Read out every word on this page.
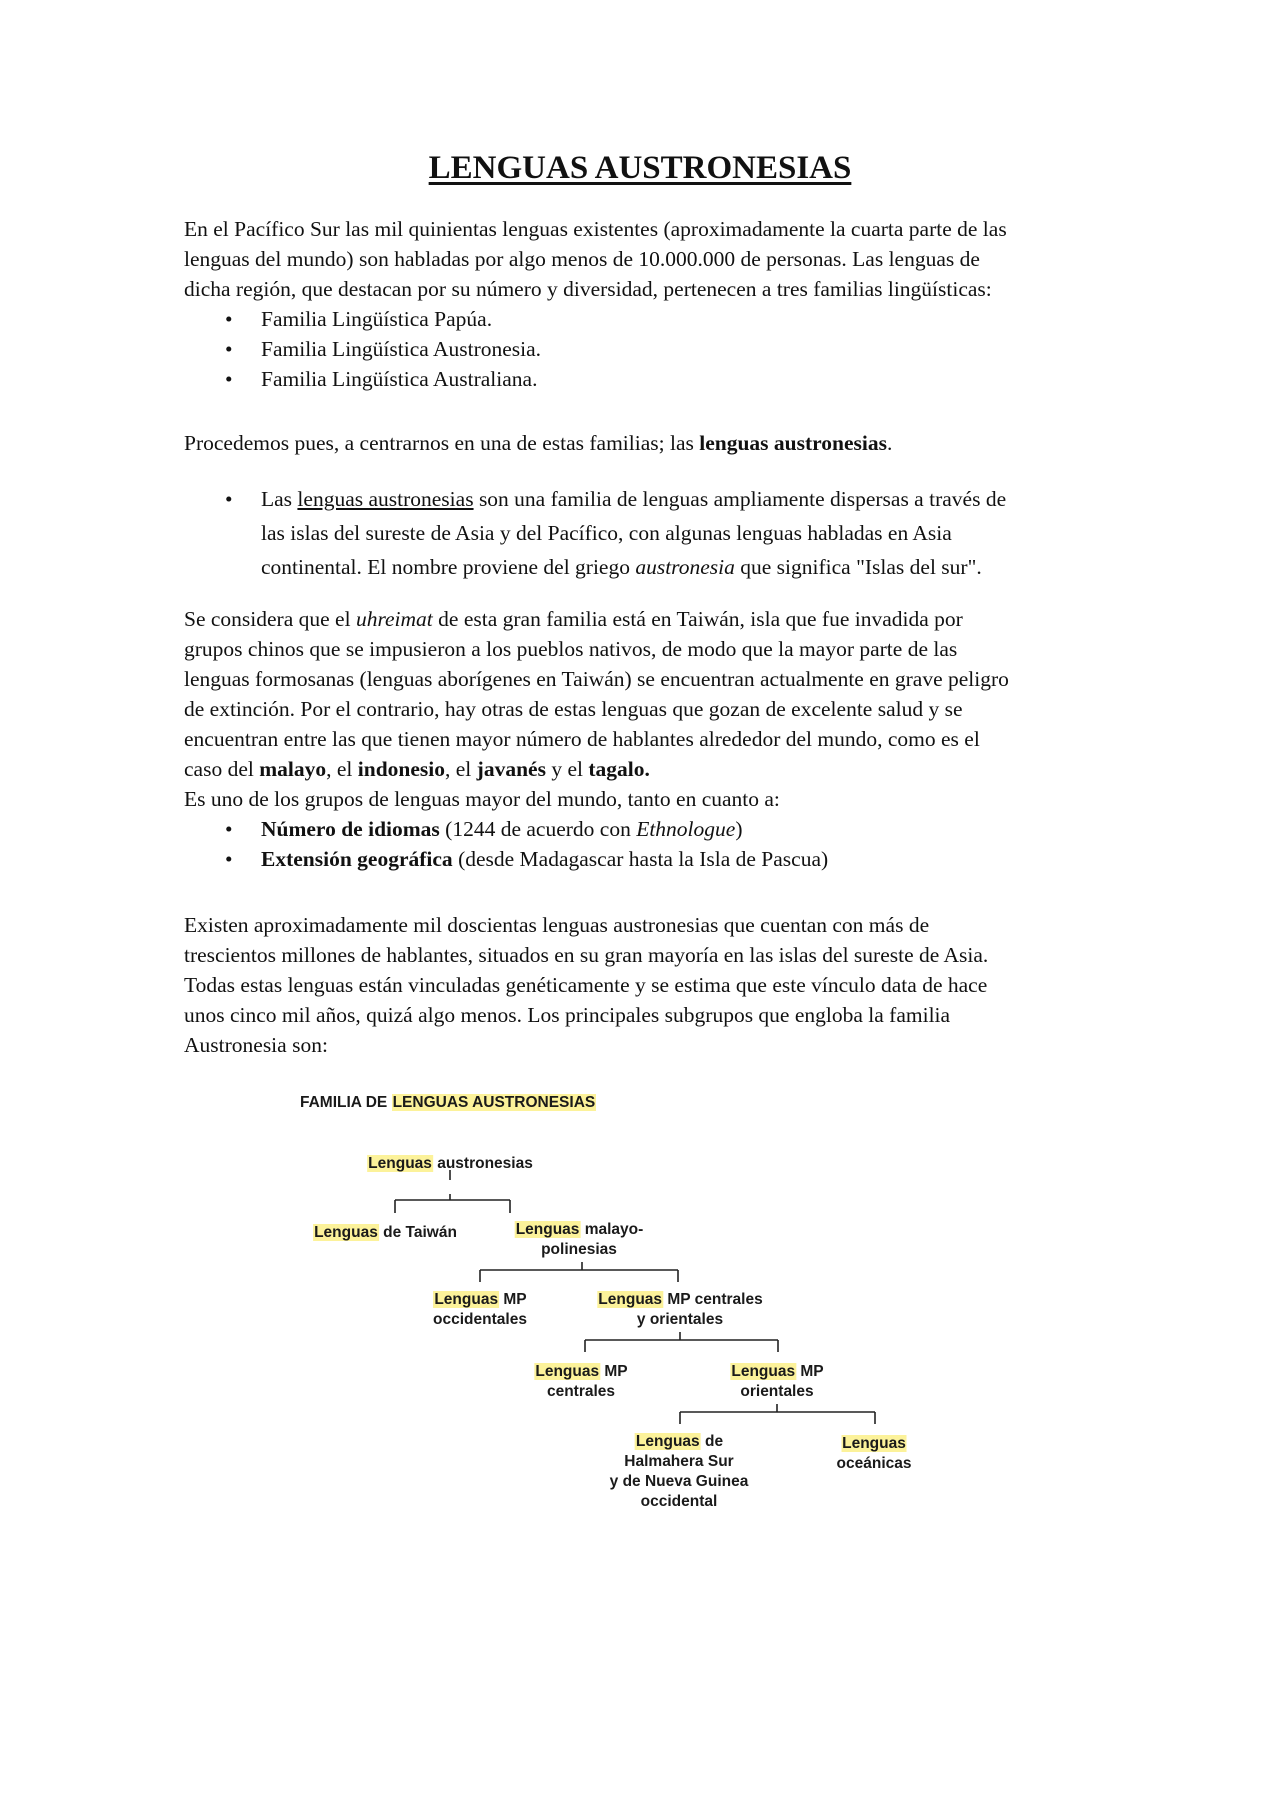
LENGUAS AUSTRONESIAS
En el Pacífico Sur las mil quinientas lenguas existentes (aproximadamente la cuarta parte de las
lenguas del mundo) son habladas por algo menos de 10.000.000 de personas. Las lenguas de
dicha región, que destacan por su número y diversidad, pertenecen a tres familias lingüísticas:
• Familia Lingüística Papúa.
• Familia Lingüística Austronesia.
• Familia Lingüística Australiana.
Procedemos pues, a centrarnos en una de estas familias; las lenguas austronesias.
• Las lenguas austronesias son una familia de lenguas ampliamente dispersas a través de
las islas del sureste de Asia y del Pacífico, con algunas lenguas habladas en Asia
continental. El nombre proviene del griego austronesia que significa "Islas del sur".
Se considera que el uhreimat de esta gran familia está en Taiwán, isla que fue invadida por
grupos chinos que se impusieron a los pueblos nativos, de modo que la mayor parte de las
lenguas formosanas (lenguas aborígenes en Taiwán) se encuentran actualmente en grave peligro
de extinción. Por el contrario, hay otras de estas lenguas que gozan de excelente salud y se
encuentran entre las que tienen mayor número de hablantes alrededor del mundo, como es el
caso del malayo, el indonesio, el javanés y el tagalo.
Es uno de los grupos de lenguas mayor del mundo, tanto en cuanto a:
• Número de idiomas (1244 de acuerdo con Ethnologue)
• Extensión geográfica (desde Madagascar hasta la Isla de Pascua)
Existen aproximadamente mil doscientas lenguas austronesias que cuentan con más de
trescientos millones de hablantes, situados en su gran mayoría en las islas del sureste de Asia.
Todas estas lenguas están vinculadas genéticamente y se estima que este vínculo data de hace
unos cinco mil años, quizá algo menos. Los principales subgrupos que engloba la familia
Austronesia son:
FAMILIA DE LENGUAS AUSTRONESIAS
Lenguas austronesias
Lenguas de Taiwán	Lenguas malayo-
polinesias
Lenguas MP
occidentales
Lenguas MP centrales
y orientales
Lenguas MP
centrales
Lenguas MP
orientales
Lenguas de
Halmahera Sur
y de Nueva Guinea
occidental
Lenguas
oceánicas
